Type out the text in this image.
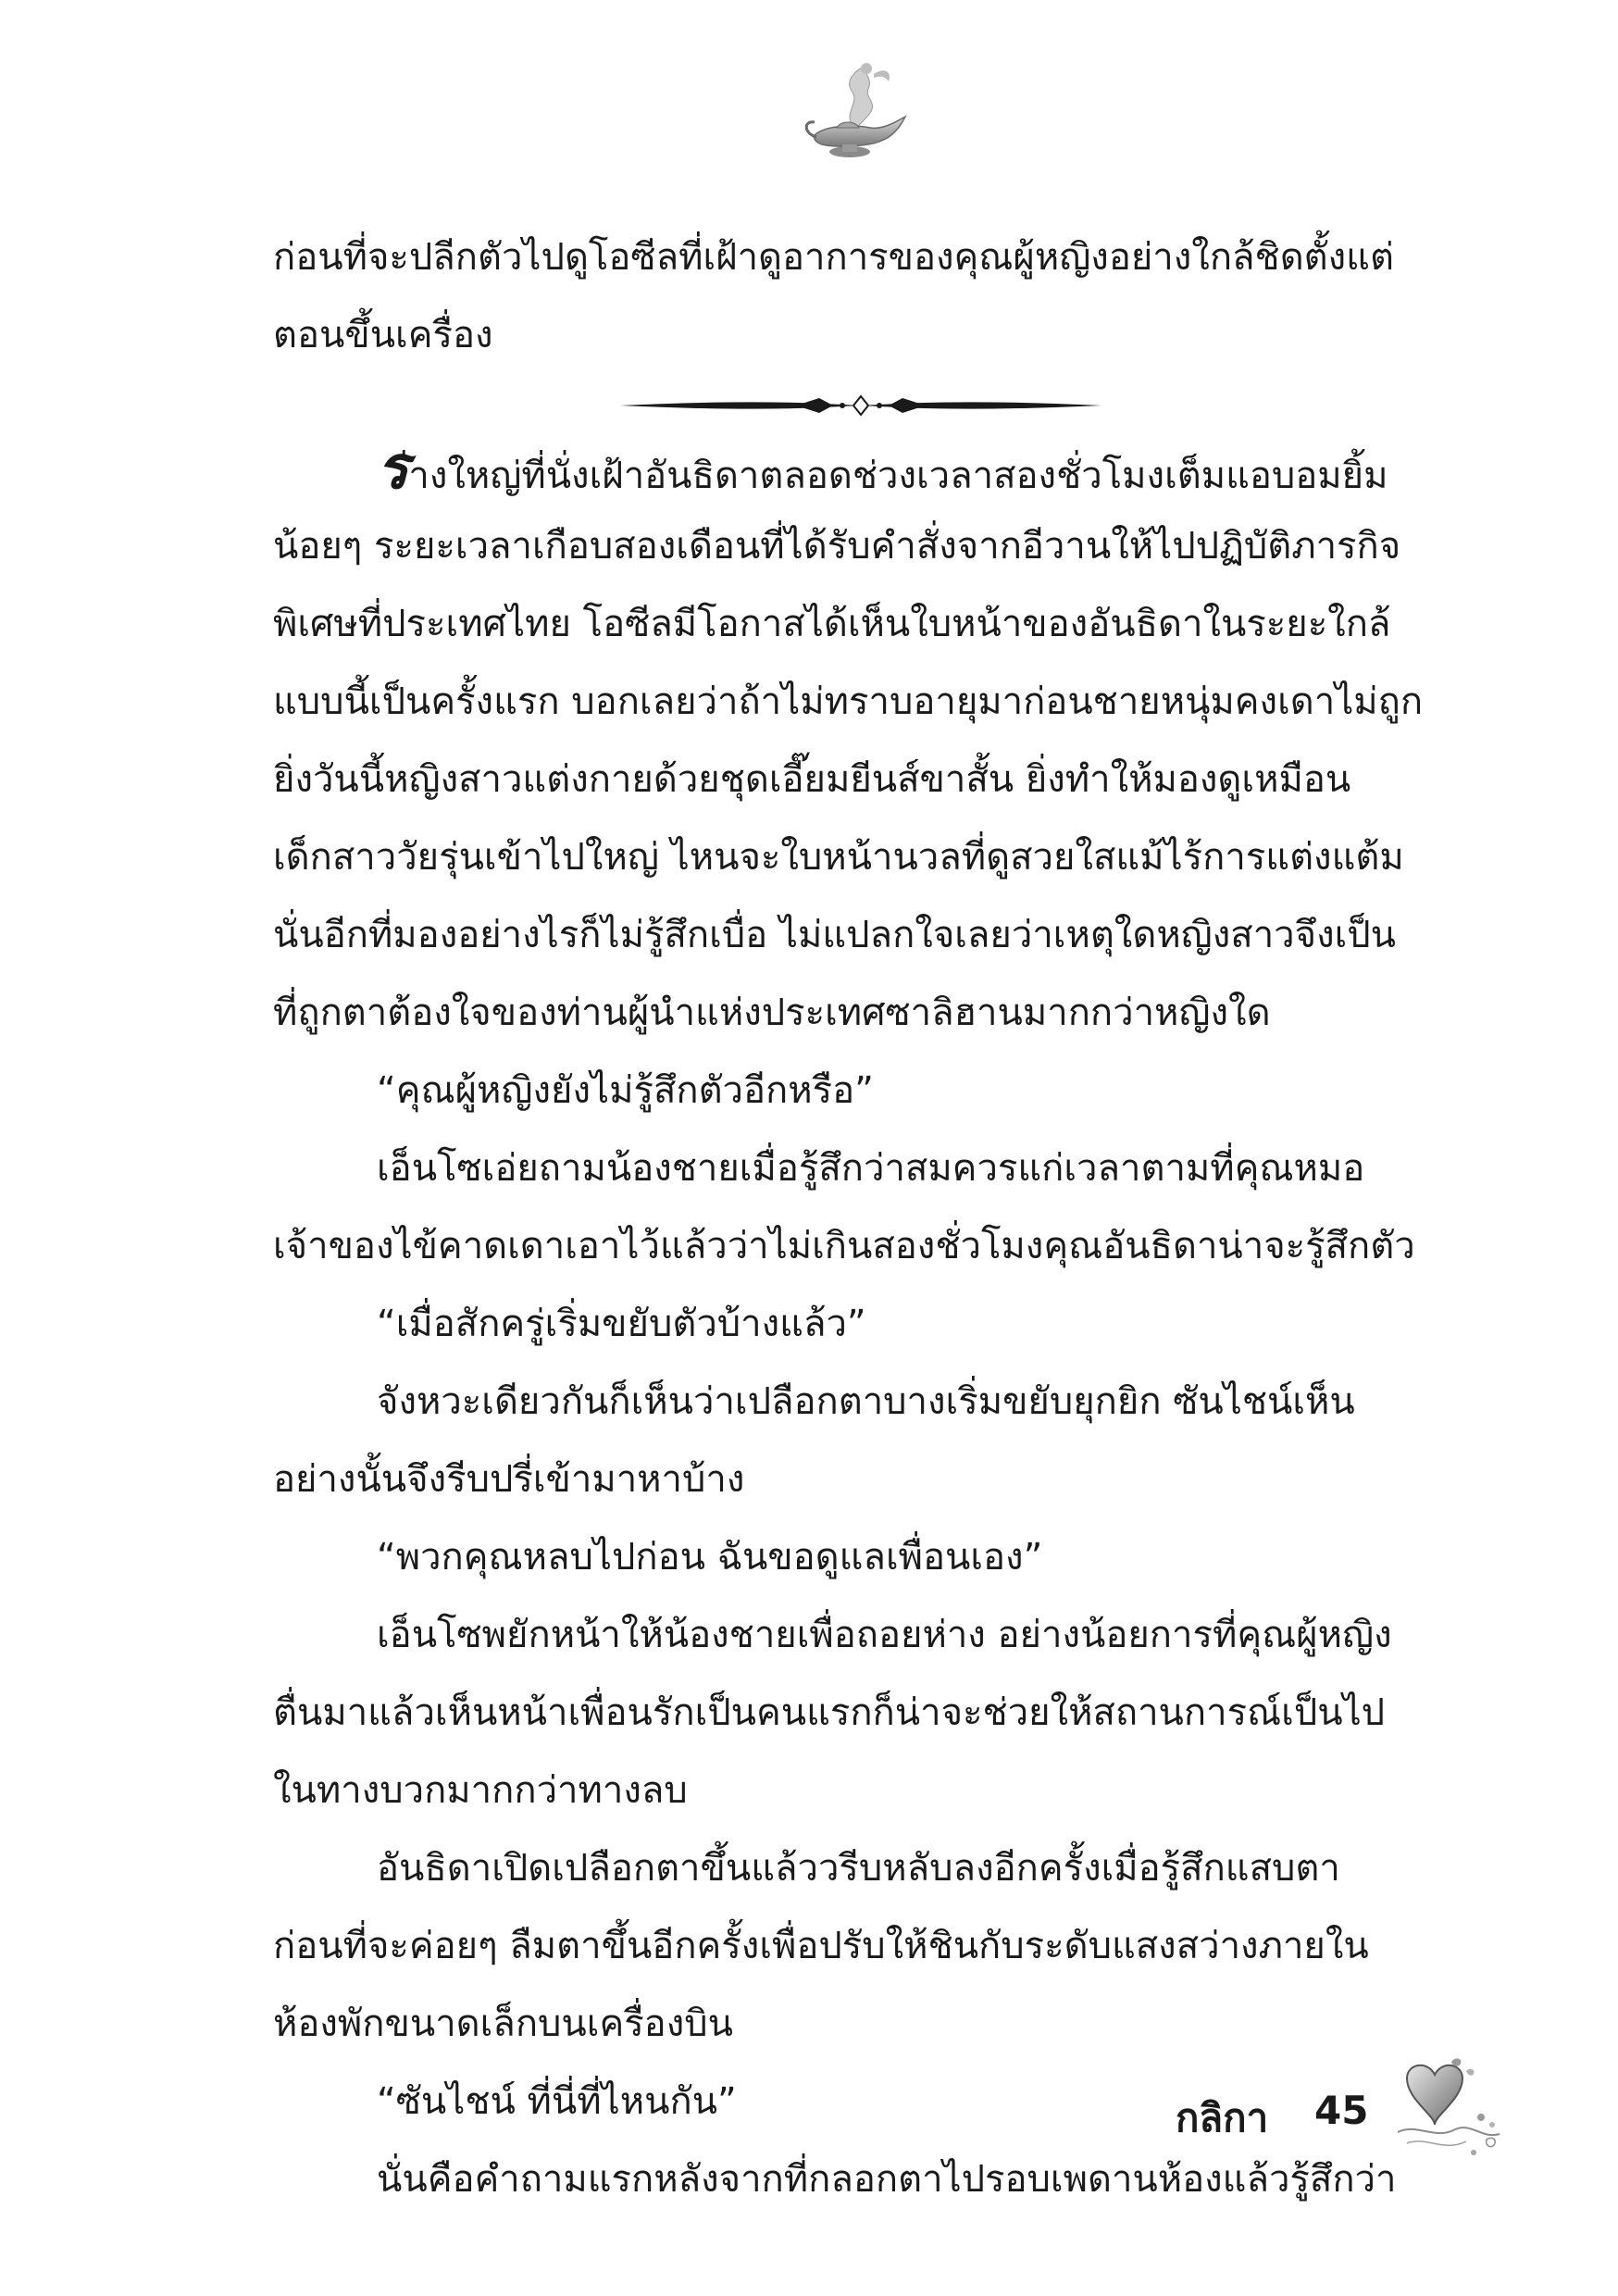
ก่อนที่จะปลีกตัวไปดูโอซีลที่เฝ้าดูอาการของคุณผู้หญิงอย่างใกล้ชิดตั้งแต่
ตอนขึ้นเครื่อง
ร่างใหญ่ที่นั่งเฝ้าอันธิดาตลอดช่วงเวลาสองชั่วโมงเต็มแอบอมยิ้ม
น้อยๆ ระยะเวลาเกือบสองเดือนที่ได้รับคำสั่งจากอีวานให้ไปปฏิบัติภารกิจ
พิเศษที่ประเทศไทย โอซีลมีโอกาสได้เห็นใบหน้าของอันธิดาในระยะใกล้
แบบนี้เป็นครั้งแรก บอกเลยว่าถ้าไม่ทราบอายุมาก่อนชายหนุ่มคงเดาไม่ถูก
ยิ่งวันนี้หญิงสาวแต่งกายด้วยชุดเอี๊ยมยีนส์ขาสั้น ยิ่งทำให้มองดูเหมือน
เด็กสาววัยรุ่นเข้าไปใหญ่ ไหนจะใบหน้านวลที่ดูสวยใสแม้ไร้การแต่งแต้ม
นั่นอีกที่มองอย่างไรก็ไม่รู้สึกเบื่อ ไม่แปลกใจเลยว่าเหตุใดหญิงสาวจึงเป็น
ที่ถูกตาต้องใจของท่านผู้นำแห่งประเทศซาลิฮานมากกว่าหญิงใด
“คุณผู้หญิงยังไม่รู้สึกตัวอีกหรือ”
เอ็นโซเอ่ยถามน้องชายเมื่อรู้สึกว่าสมควรแก่เวลาตามที่คุณหมอ
เจ้าของไข้คาดเดาเอาไว้แล้วว่าไม่เกินสองชั่วโมงคุณอันธิดาน่าจะรู้สึกตัว
“เมื่อสักครู่เริ่มขยับตัวบ้างแล้ว”
จังหวะเดียวกันก็เห็นว่าเปลือกตาบางเริ่มขยับยุกยิก ซันไชน์เห็น
อย่างนั้นจึงรีบปรี่เข้ามาหาบ้าง
“พวกคุณหลบไปก่อน ฉันขอดูแลเพื่อนเอง”
เอ็นโซพยักหน้าให้น้องชายเพื่อถอยห่าง อย่างน้อยการที่คุณผู้หญิง
ตื่นมาแล้วเห็นหน้าเพื่อนรักเป็นคนแรกก็น่าจะช่วยให้สถานการณ์เป็นไป
ในทางบวกมากกว่าทางลบ
อันธิดาเปิดเปลือกตาขึ้นแล้ววรีบหลับลงอีกครั้งเมื่อรู้สึกแสบตา
ก่อนที่จะค่อยๆ ลืมตาขึ้นอีกครั้งเพื่อปรับให้ชินกับระดับแสงสว่างภายใน
ห้องพักขนาดเล็กบนเครื่องบิน
“ซันไชน์ ที่นี่ที่ไหนกัน”
นั่นคือคำถามแรกหลังจากที่กลอกตาไปรอบเพดานห้องแล้วรู้สึกว่า
กลิกา 45
